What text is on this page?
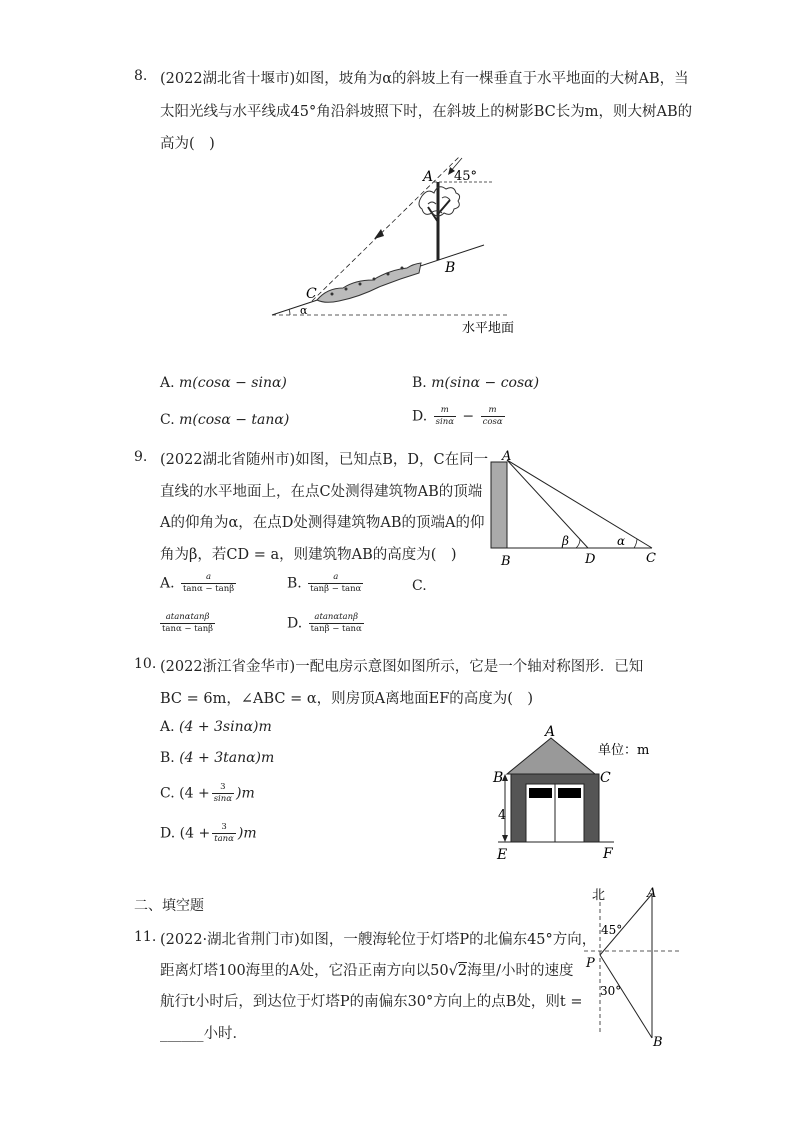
8. (2022湖北省十堰市)如图，坡角为α的斜坡上有一棵垂直于水平地面的大树AB，当
太阳光线与水平线成45°角沿斜坡照下时，在斜坡上的树影BC长为m，则大树AB的
高为(　)
A 45°
B
C
α
水平地面
A. m(cosα − sinα)	B. m(sinα − cosα)
C. m(cosα − tanα)	D. $\frac{m}{\sin\alpha} - \frac{m}{\cos\alpha}$
9. (2022湖北省随州市)如图，已知点B，D，C在同一
直线的水平地面上，在点C处测得建筑物AB的顶端
A的仰角为α，在点D处测得建筑物AB的顶端A的仰
角为β，若CD = a，则建筑物AB的高度为(　)
A
B	D	C
β	α
A. $\frac{a}{\tan\alpha - \tan\beta}$	B. $\frac{a}{\tan\beta - \tan\alpha}$	C.
$\frac{atan\alpha\tan\beta}{\tan\alpha - \tan\beta}$	D. $\frac{atan\alpha\tan\beta}{\tan\beta - \tan\alpha}$
10. (2022浙江省金华市)一配电房示意图如图所示，它是一个轴对称图形．已知
BC = 6m，∠ABC = α，则房顶A离地面EF的高度为(　)
A. (4 + 3sinα)m
B. (4 + 3tanα)m
C. $(4 + \frac{3}{\sin\alpha} )m$
D. $(4 + \frac{3}{\tan\alpha} )m$
A
B	C
E	F
4
单位：m
二、填空题
11. (2022·湖北省荆门市)如图，一艘海轮位于灯塔P的北偏东45°方向，
距离灯塔100海里的A处，它沿正南方向以50√2海里/小时的速度
航行t小时后，到达位于灯塔P的南偏东30°方向上的点B处，则t =
______小时．
北	A
45°
P
30°
B
